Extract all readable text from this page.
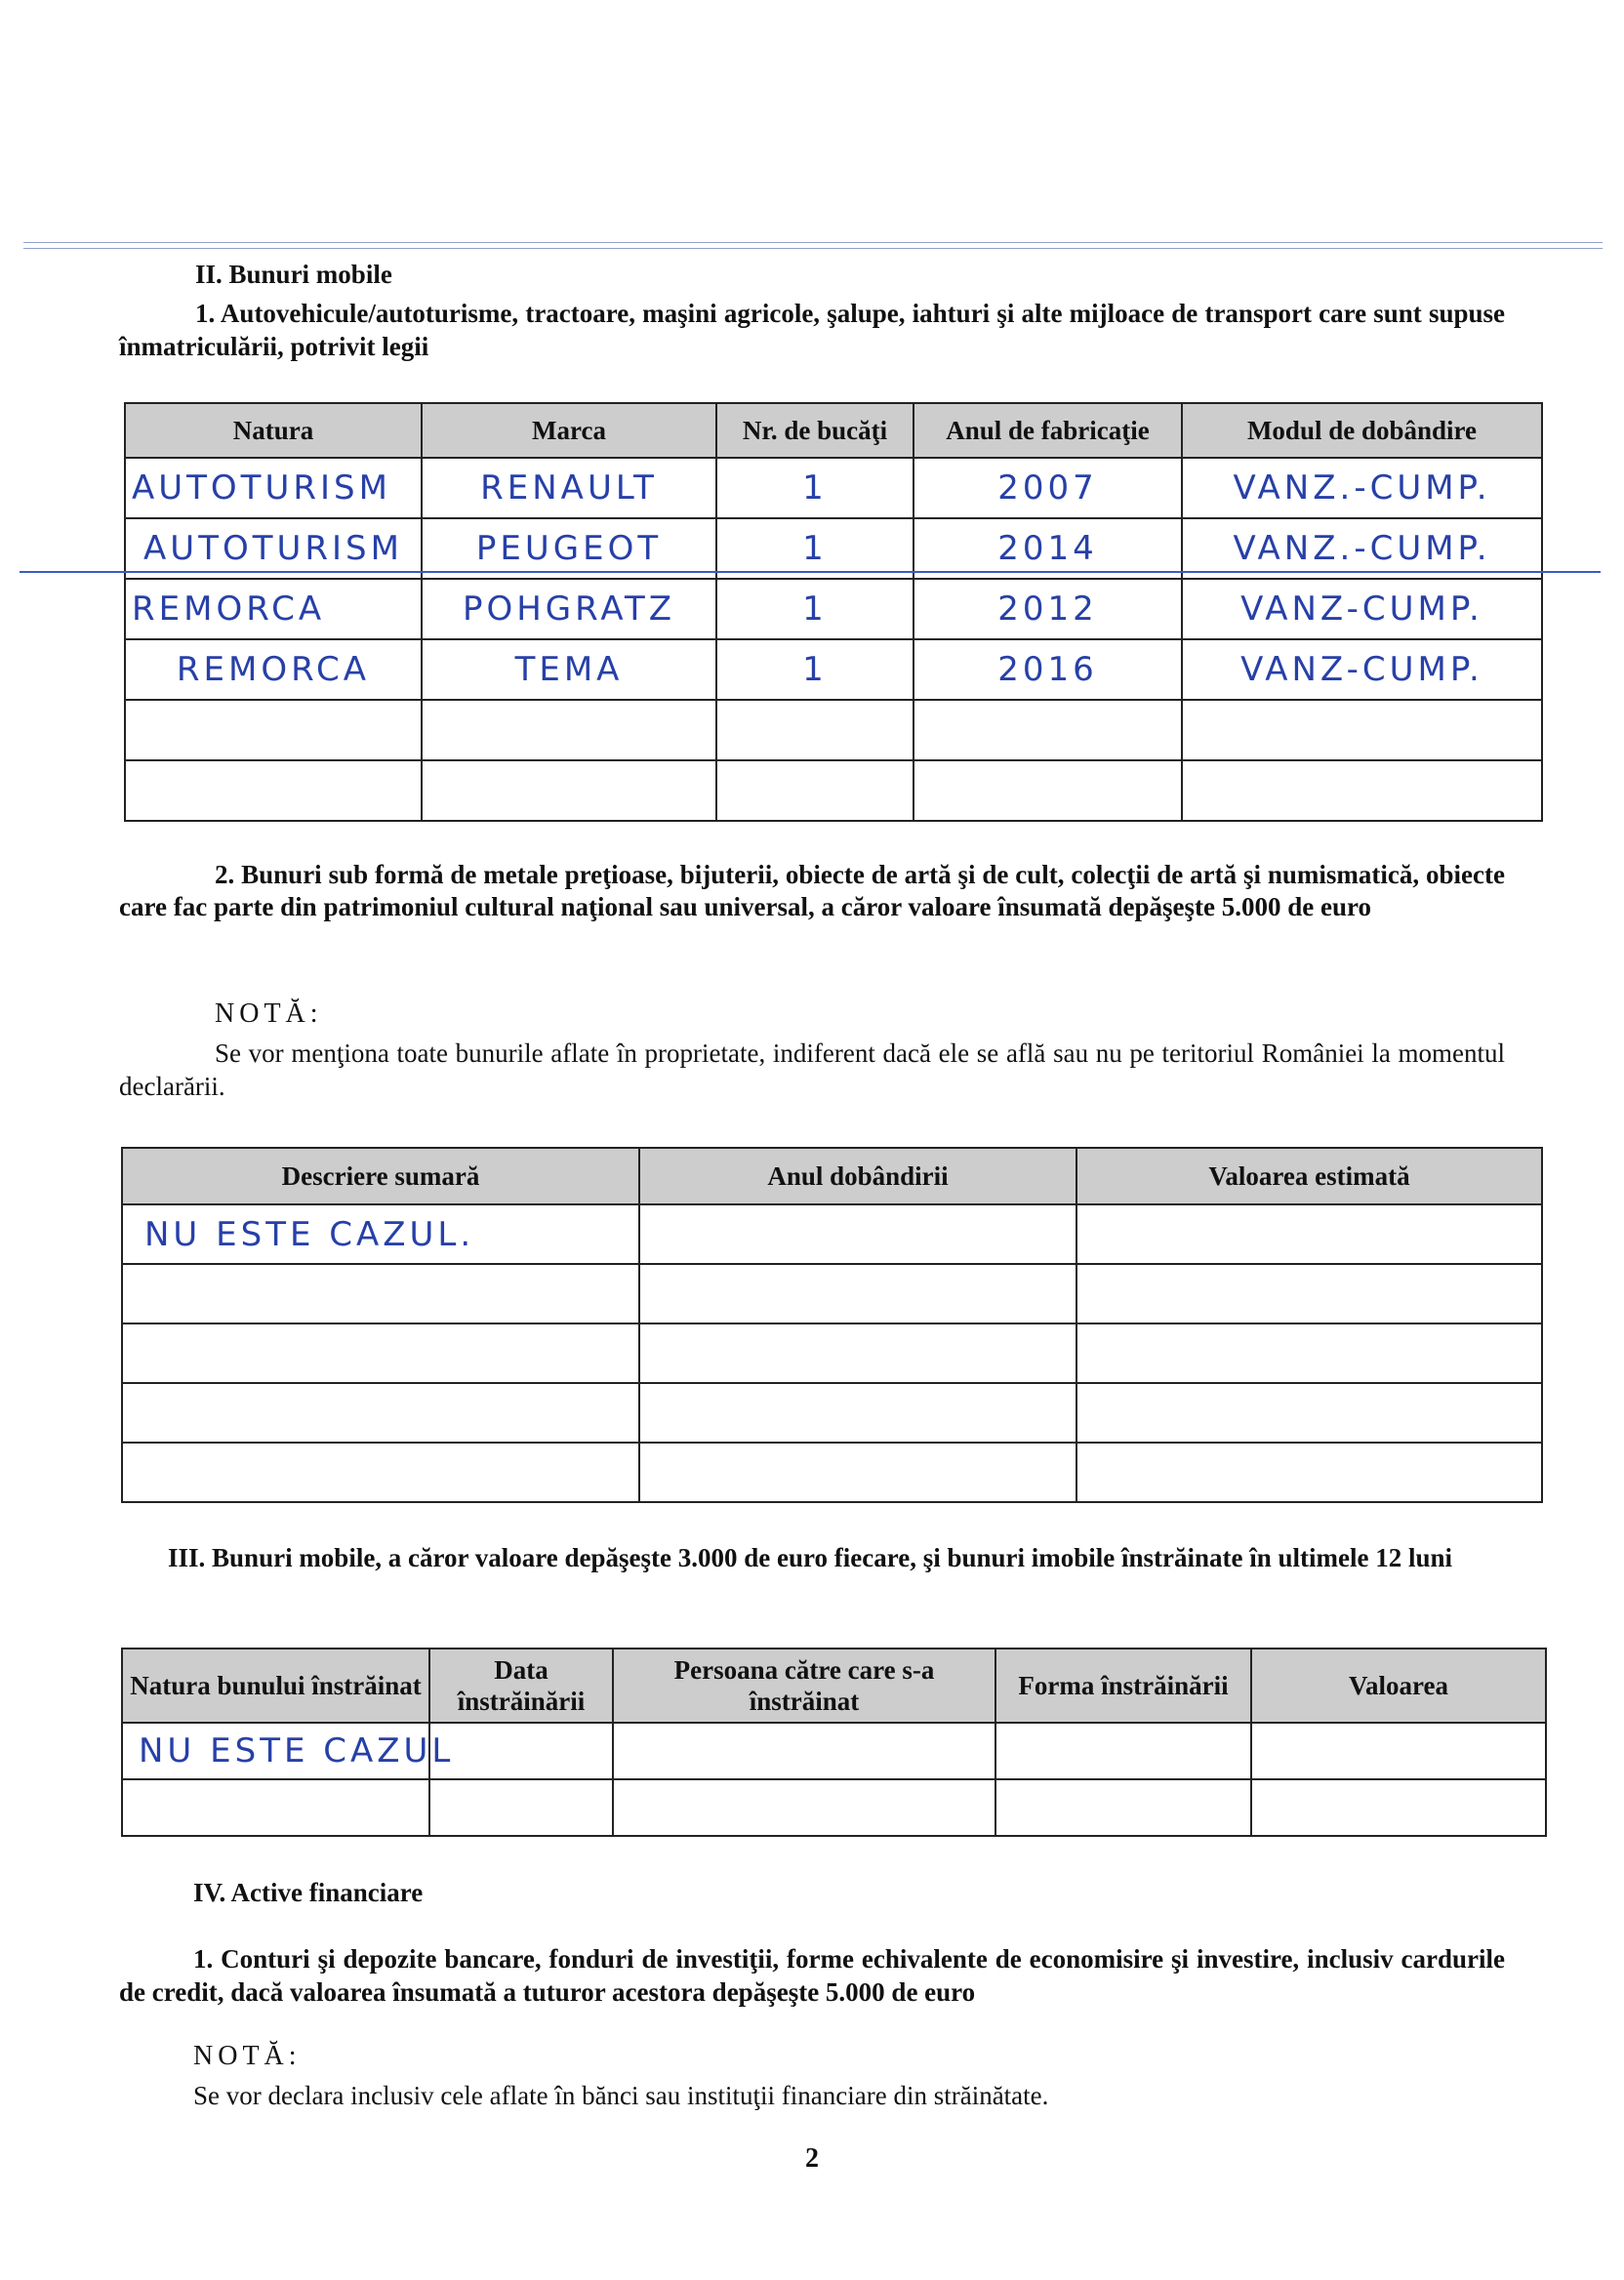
II. Bunuri mobile
1. Autovehicule/autoturisme, tractoare, maşini agricole, şalupe, iahturi şi alte mijloace de transport care sunt supuse înmatriculării, potrivit legii
Natura	Marca	Nr. de bucăţi	Anul de fabricaţie	Modul de dobândire
AUTOTURISM	RENAULT	1	2007	VANZ.-CUMP.
AUTOTURISM	PEUGEOT	1	2014	VANZ.-CUMP.
REMORCA	POHGRATZ	1	2012	VANZ-CUMP.
REMORCA	TEMA	1	2016	VANZ-CUMP.

2. Bunuri sub formă de metale preţioase, bijuterii, obiecte de artă şi de cult, colecţii de artă şi numismatică, obiecte care fac parte din patrimoniul cultural naţional sau universal, a căror valoare însumată depăşeşte 5.000 de euro
NOTĂ:
Se vor menţiona toate bunurile aflate în proprietate, indiferent dacă ele se află sau nu pe teritoriul României la momentul declarării.
Descriere sumară	Anul dobândirii	Valoarea estimată
NU ESTE CAZUL.		

III. Bunuri mobile, a căror valoare depăşeşte 3.000 de euro fiecare, şi bunuri imobile înstrăinate în ultimele 12 luni
Natura bunului înstrăinat	Data înstrăinării	Persoana către care s-a înstrăinat	Forma înstrăinării	Valoarea
NU ESTE CAZUL				

IV. Active financiare
1. Conturi şi depozite bancare, fonduri de investiţii, forme echivalente de economisire şi investire, inclusiv cardurile de credit, dacă valoarea însumată a tuturor acestora depăşeşte 5.000 de euro
NOTĂ:
Se vor declara inclusiv cele aflate în bănci sau instituţii financiare din străinătate.
2
